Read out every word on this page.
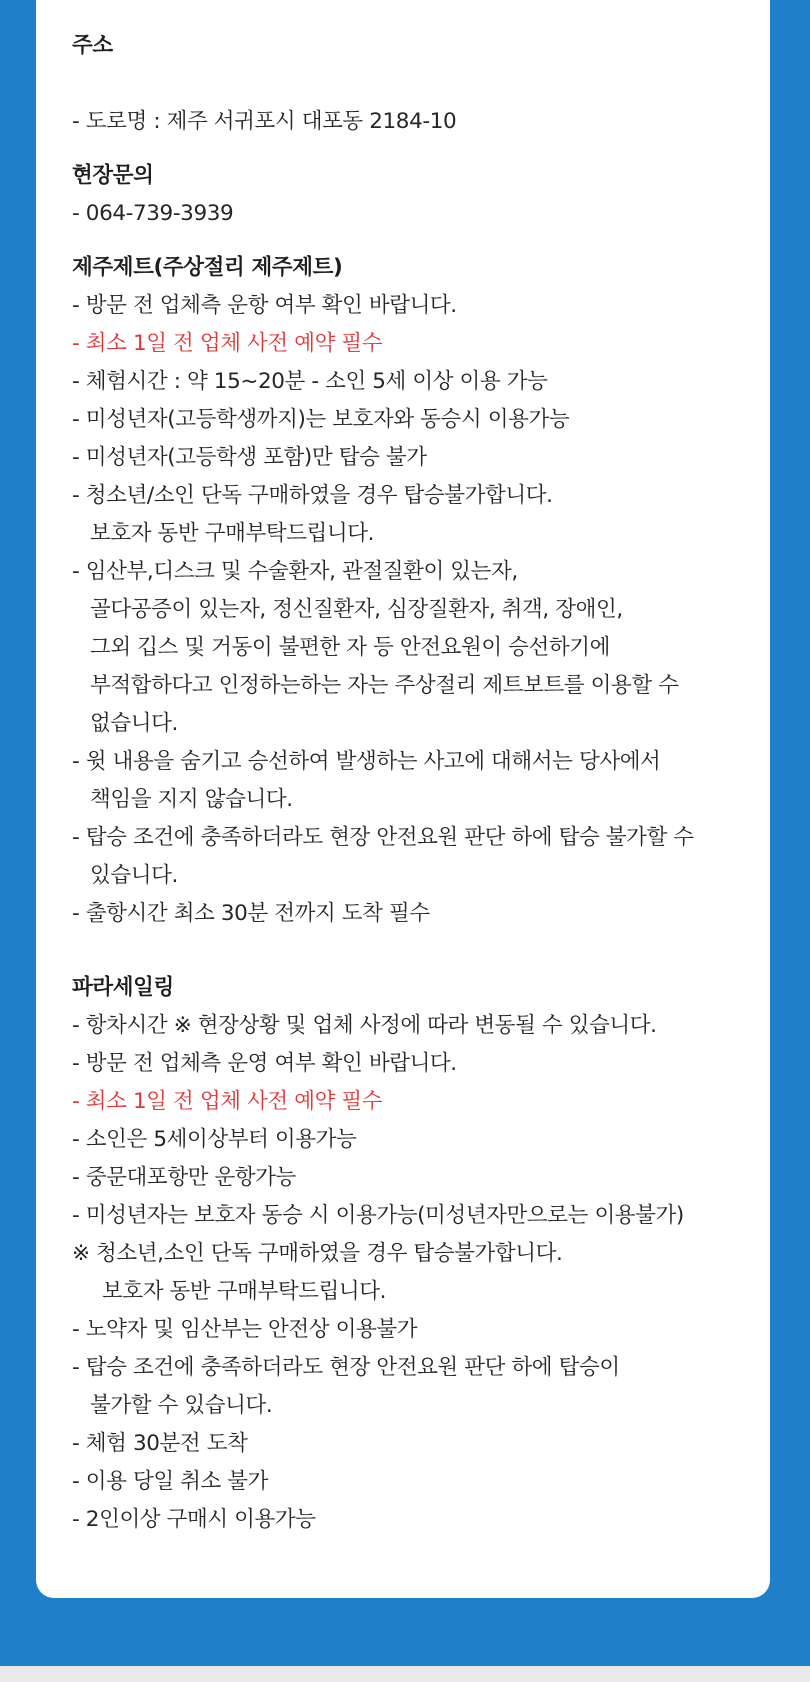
주소
- 도로명 : 제주 서귀포시 대포동 2184-10
현장문의
- 064-739-3939
제주제트(주상절리 제주제트)
- 방문 전 업체측 운항 여부 확인 바랍니다.
- 최소 1일 전 업체 사전 예약 필수
- 체험시간 : 약 15~20분 - 소인 5세 이상 이용 가능
- 미성년자(고등학생까지)는 보호자와 동승시 이용가능
- 미성년자(고등학생 포함)만 탑승 불가
- 청소년/소인 단독 구매하였을 경우 탑승불가합니다.
보호자 동반 구매부탁드립니다.
- 임산부,디스크 및 수술환자, 관절질환이 있는자,
골다공증이 있는자, 정신질환자, 심장질환자, 취객, 장애인,
그외 깁스 및 거동이 불편한 자 등 안전요원이 승선하기에
부적합하다고 인정하는하는 자는 주상절리 제트보트를 이용할 수
없습니다.
- 윗 내용을 숨기고 승선하여 발생하는 사고에 대해서는 당사에서
책임을 지지 않습니다.
- 탑승 조건에 충족하더라도 현장 안전요원 판단 하에 탑승 불가할 수
있습니다.
- 출항시간 최소 30분 전까지 도착 필수
파라세일링
- 항차시간 ※ 현장상황 및 업체 사정에 따라 변동될 수 있습니다.
- 방문 전 업체측 운영 여부 확인 바랍니다.
- 최소 1일 전 업체 사전 예약 필수
- 소인은 5세이상부터 이용가능
- 중문대포항만 운항가능
- 미성년자는 보호자 동승 시 이용가능(미성년자만으로는 이용불가)
※ 청소년,소인 단독 구매하였을 경우 탑승불가합니다.
보호자 동반 구매부탁드립니다.
- 노약자 및 임산부는 안전상 이용불가
- 탑승 조건에 충족하더라도 현장 안전요원 판단 하에 탑승이
불가할 수 있습니다.
- 체험 30분전 도착
- 이용 당일 취소 불가
- 2인이상 구매시 이용가능
